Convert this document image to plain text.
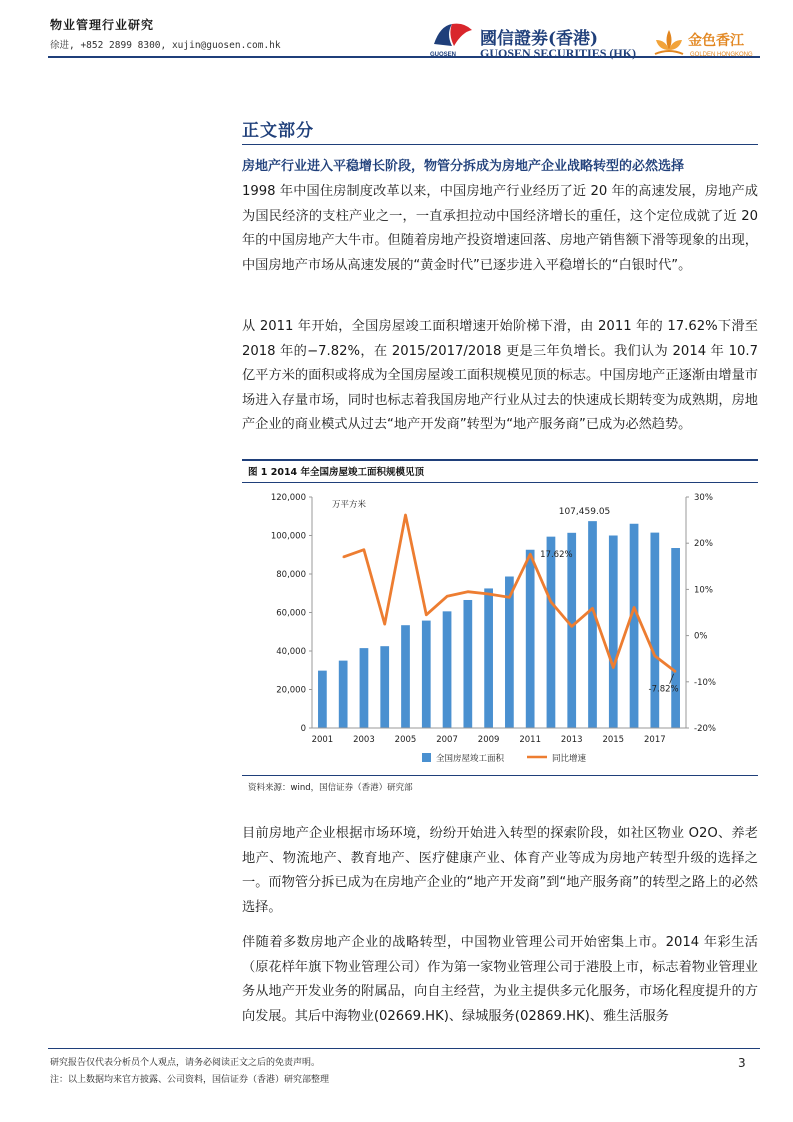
物业管理行业研究
徐进, +852 2899 8300, xujin@guosen.com.hk
GUOSEN
國信證劵(香港)
GUOSEN SECURITIES (HK)
金色香江
GOLDEN HONGKONG
正文部分
房地产行业进入平稳增长阶段，物管分拆成为房地产企业战略转型的必然选择
1998 年中国住房制度改革以来，中国房地产行业经历了近 20 年的高速发展，房地产成为国民经济的支柱产业之一，一直承担拉动中国经济增长的重任，这个定位成就了近 20 年的中国房地产大牛市。但随着房地产投资增速回落、房地产销售额下滑等现象的出现，中国房地产市场从高速发展的“黄金时代”已逐步进入平稳增长的“白银时代”。
从 2011 年开始，全国房屋竣工面积增速开始阶梯下滑，由 2011 年的 17.62%下滑至 2018 年的−7.82%，在 2015/2017/2018 更是三年负增长。我们认为 2014 年 10.7 亿平方米的面积或将成为全国房屋竣工面积规模见顶的标志。中国房地产正逐渐由增量市场进入存量市场，同时也标志着我国房地产行业从过去的快速成长期转变为成熟期，房地产企业的商业模式从过去“地产开发商”转型为“地产服务商”已成为必然趋势。
图 1 2014 年全国房屋竣工面积规模见顶
0
20,000
40,000
60,000
80,000
100,000
120,000
-20%
-10%
0%
10%
20%
30%
2001 2003 2005 2007 2009 2011 2013 2015 2017
万平方米
107,459.05
17.62%
-7.82%
全国房屋竣工面积	同比增速
资料来源：wind，国信证券（香港）研究部
目前房地产企业根据市场环境，纷纷开始进入转型的探索阶段，如社区物业 O2O、养老地产、物流地产、教育地产、医疗健康产业、体育产业等成为房地产转型升级的选择之一。而物管分拆已成为在房地产企业的“地产开发商”到“地产服务商”的转型之路上的必然选择。
伴随着多数房地产企业的战略转型，中国物业管理公司开始密集上市。2014 年彩生活（原花样年旗下物业管理公司）作为第一家物业管理公司于港股上市，标志着物业管理业务从地产开发业务的附属品，向自主经营，为业主提供多元化服务，市场化程度提升的方向发展。其后中海物业(02669.HK)、绿城服务(02869.HK)、雅生活服务
研究报告仅代表分析员个人观点，请务必阅读正文之后的免责声明。
注：以上数据均来官方披露、公司资料，国信证券（香港）研究部整理
3
